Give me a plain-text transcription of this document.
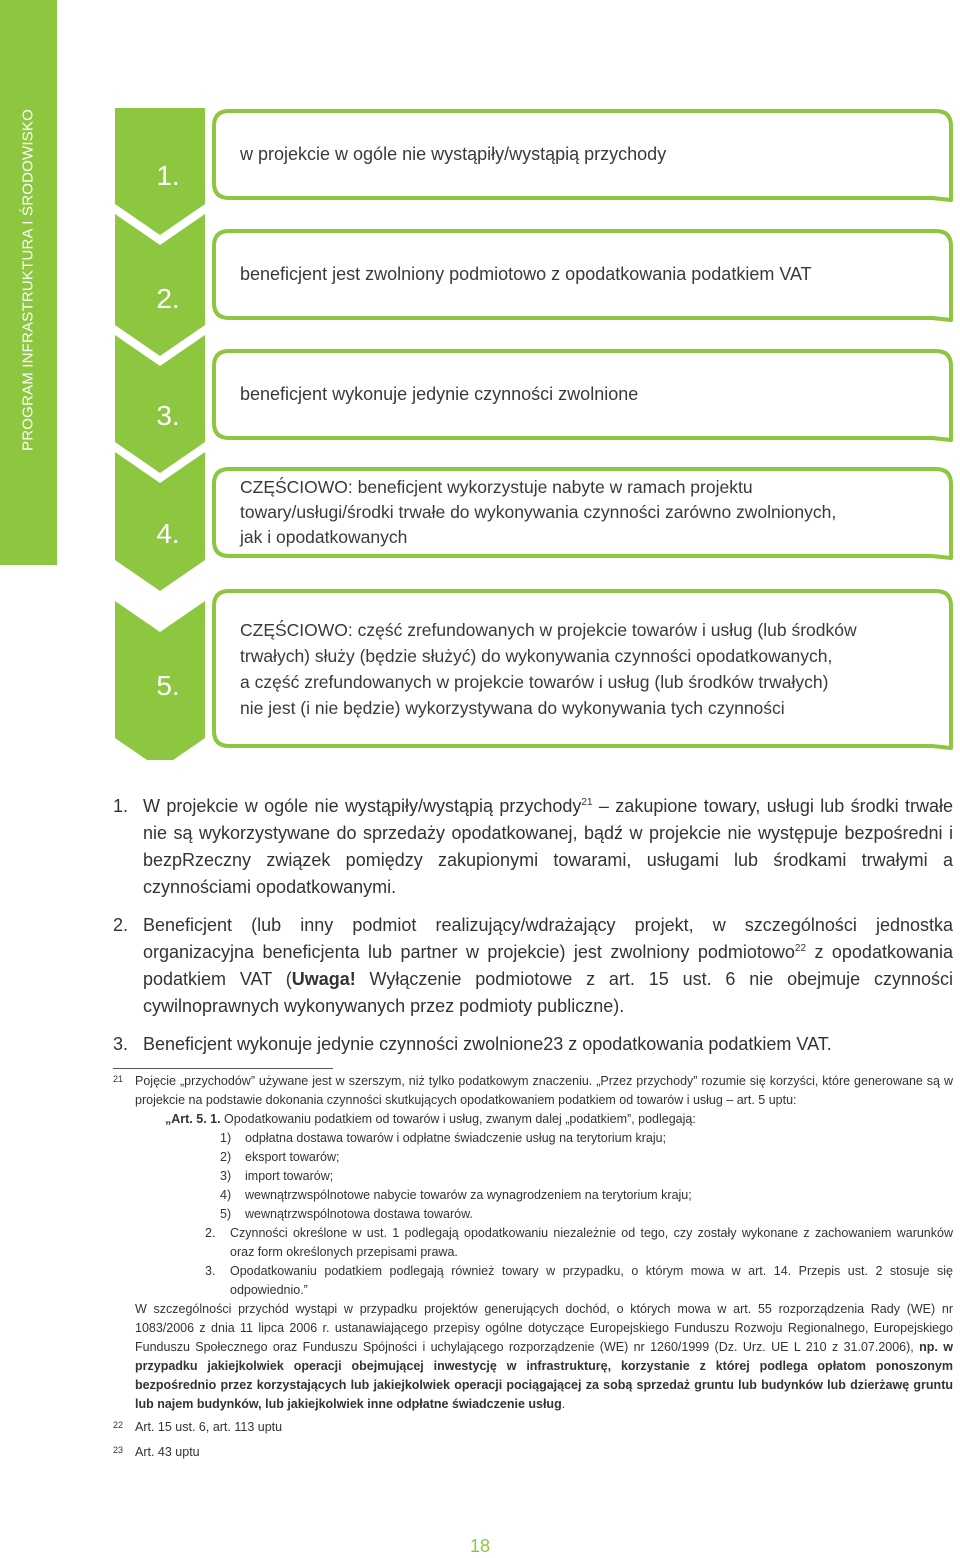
PROGRAM INFRASTRUKTURA I ŚRODOWISKO	1.
2.
3.
4.
5.
w projekcie w ogóle nie wystąpiły/wystąpią przychody
beneficjent jest zwolniony podmiotowo z opodatkowania podatkiem VAT
beneficjent wykonuje jedynie czynności zwolnione
CZĘŚCIOWO: beneficjent wykorzystuje nabyte w ramach projektu
towary/usługi/środki trwałe do wykonywania czynności zarówno zwolnionych,
jak i opodatkowanych
CZĘŚCIOWO: część zrefundowanych w projekcie towarów i usług (lub środków
trwałych) służy (będzie służyć) do wykonywania czynności opodatkowanych,
a część zrefundowanych w projekcie towarów i usług (lub środków trwałych)
nie jest (i nie będzie) wykorzystywana do wykonywania tych czynności
1. W projekcie w ogóle nie wystąpiły/wystąpią przychody$^{21}$ – zakupione towary, usługi lub środki trwałe nie są wykorzystywane do sprzedaży opodatkowanej, bądź w projekcie nie występuje bezpośredni i bezpRzeczny związek pomiędzy zakupionymi towarami, usługami lub środkami trwałymi a czynnościami opodatkowanymi.
2. Beneficjent (lub inny podmiot realizujący/wdrażający projekt, w szczególności jednostka organizacyjna beneficjenta lub partner w projekcie) jest zwolniony podmiotowo$^{22}$ z opodatkowania podatkiem VAT (Uwaga! Wyłączenie podmiotowe z art. 15 ust. 6 nie obejmuje czynności cywilnoprawnych wykonywanych przez podmioty publiczne).
3. Beneficjent wykonuje jedynie czynności zwolnione23 z opodatkowania podatkiem VAT.
21 Pojęcie „przychodów” używane jest w szerszym, niż tylko podatkowym znaczeniu. „Przez przychody” rozumie się korzyści, które generowane są w projekcie na podstawie dokonania czynności skutkujących opodatkowaniem podatkiem od towarów i usług – art. 5 uptu:
„Art. 5. 1. Opodatkowaniu podatkiem od towarów i usług, zwanym dalej „podatkiem”, podlegają:
1) odpłatna dostawa towarów i odpłatne świadczenie usług na terytorium kraju;
2) eksport towarów;
3) import towarów;
4) wewnątrzwspólnotowe nabycie towarów za wynagrodzeniem na terytorium kraju;
5) wewnątrzwspólnotowa dostawa towarów.
2. Czynności określone w ust. 1 podlegają opodatkowaniu niezależnie od tego, czy zostały wykonane z zachowaniem warunków oraz form określonych przepisami prawa.
3. Opodatkowaniu podatkiem podlegają również towary w przypadku, o którym mowa w art. 14. Przepis ust. 2 stosuje się odpowiednio.”
W szczególności przychód wystąpi w przypadku projektów generujących dochód, o których mowa w art. 55 rozporządzenia Rady (WE) nr 1083/2006 z dnia 11 lipca 2006 r. ustanawiającego przepisy ogólne dotyczące Europejskiego Funduszu Rozwoju Regionalnego, Europejskiego Funduszu Społecznego oraz Funduszu Spójności i uchylającego rozporządzenie (WE) nr 1260/1999 (Dz. Urz. UE L 210 z 31.07.2006), np. w przypadku jakiejkolwiek operacji obejmującej inwestycję w infrastrukturę, korzystanie z której podlega opłatom ponoszonym bezpośrednio przez korzystających lub jakiejkolwiek operacji pociągającej za sobą sprzedaż gruntu lub budynków lub dzierżawę gruntu lub najem budynków, lub jakiejkolwiek inne odpłatne świadczenie usług.
22 Art. 15 ust. 6, art. 113 uptu
23 Art. 43 uptu
18
